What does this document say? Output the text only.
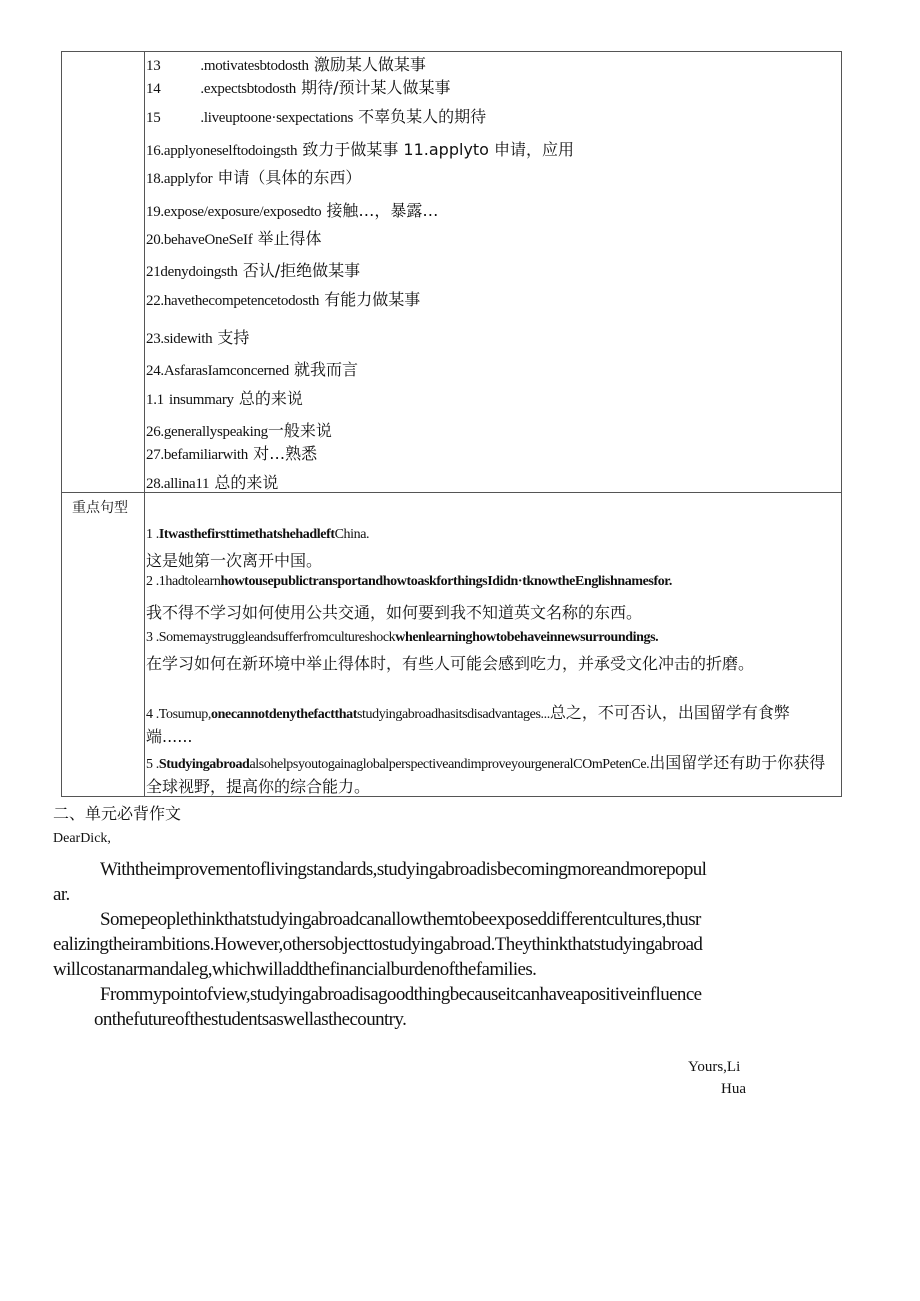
13	.motivatesbtodosth 激励某人做某事
14	.expectsbtodosth 期待/预计某人做某事
15	.liveuptoone·sexpectations 不辜负某人的期待
16.applyoneselftodoingsth 致力于做某事 11.applyto 申请，应用
18.applyfor 申请（具体的东西）
19.expose/exposure/exposedto 接触…，暴露…
20.behaveOneSeIf 举止得体
21denydoingsth 否认/拒绝做某事
22.havethecompetencetodosth 有能力做某事
23.sidewith 支持
24.AsfarasIamconcerned 就我而言
1.1 insummary 总的来说
26.generallyspeaking一般来说
27.befamiliarwith 对…熟悉
28.allina11 总的来说
重点句型
1 .ItwasthefirsttimethatshehadleftChina.
这是她第一次离开中国。
2 .1hadtolearnhowtousepublictransportandhowtoaskforthingsIdidn·tknowtheEnglishnamesfor.
我不得不学习如何使用公共交通，如何要到我不知道英文名称的东西。
3 .Somemaystruggleandsufferfromcultureshockwhenlearninghowtobehaveinnewsurroundings.
在学习如何在新环境中举止得体时，有些人可能会感到吃力，并承受文化冲击的折磨。
4 .Tosumup,onecannotdenythefactthatstudyingabroadhasitsdisadvantages...总之，不可否认，出国留学有食弊端......
5 .StudyingabroadalsohelpsyoutogainaglobalperspectiveandimproveyourgeneralCOmPetenCe.出国留学还有助于你获得全球视野，提高你的综合能力。
二、单元必背作文
DearDick,
Withtheimprovementoflivingstandards,studyingabroadisbecomingmoreandmorepopul
ar.
Somepeoplethinkthatstudyingabroadcanallowthemtobeexposeddifferentcultures,thusr
ealizingtheirambitions.However,othersobjecttostudyingabroad.Theythinkthatstudyingabroad
willcostanarmandaleg,whichwilladdthefinancialburdenofthefamilies.
Frommypointofview,studyingabroadisagoodthingbecauseitcanhaveapositiveinfluence
onthefutureofthestudentsaswellasthecountry.
Yours,Li
Hua
